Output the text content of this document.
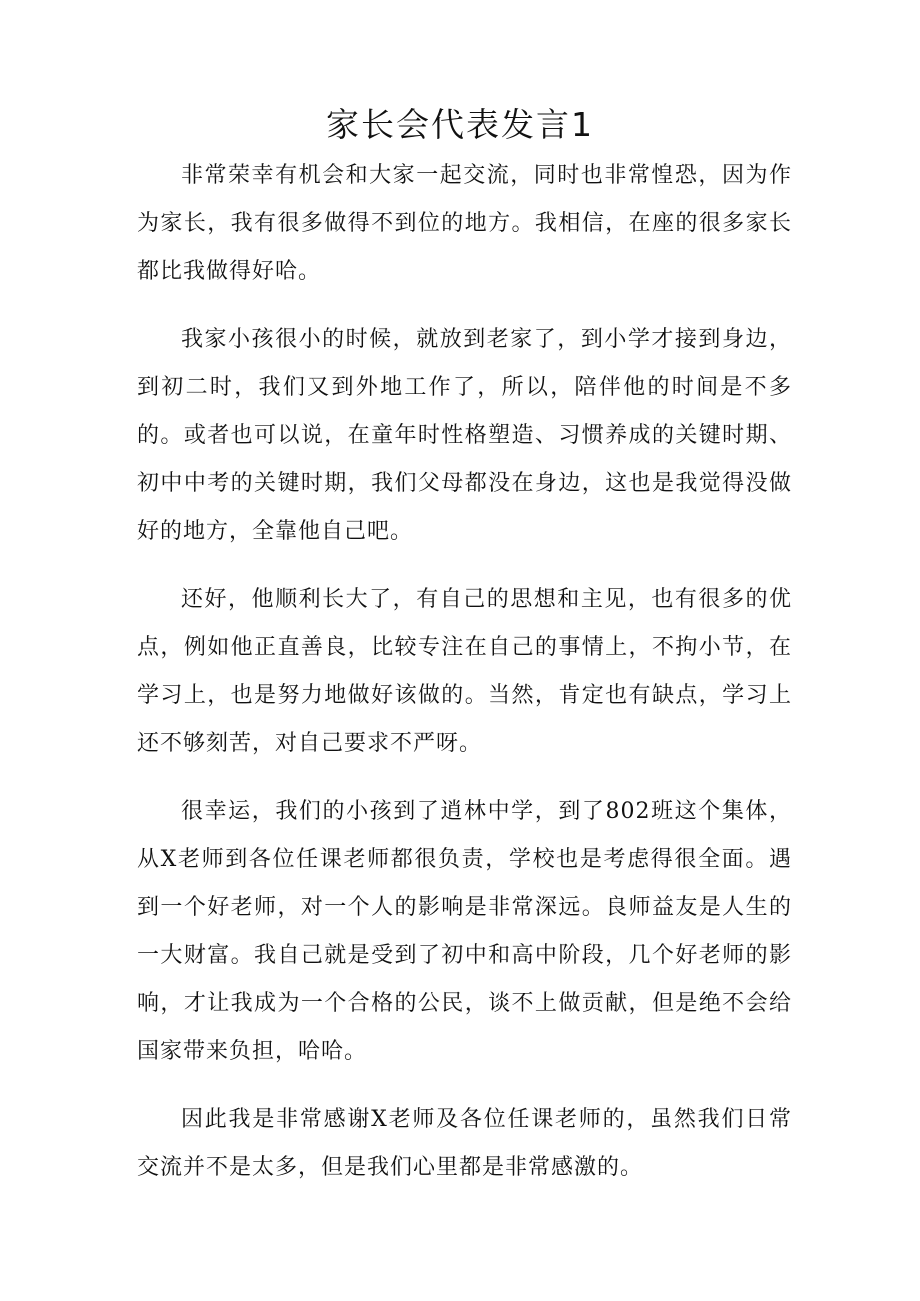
家长会代表发言1

非常荣幸有机会和大家一起交流，同时也非常惶恐，因为作为家长，我有很多做得不到位的地方。我相信，在座的很多家长都比我做得好哈。

我家小孩很小的时候，就放到老家了，到小学才接到身边，到初二时，我们又到外地工作了，所以，陪伴他的时间是不多的。或者也可以说，在童年时性格塑造、习惯养成的关键时期、初中中考的关键时期，我们父母都没在身边，这也是我觉得没做好的地方，全靠他自己吧。

还好，他顺利长大了，有自己的思想和主见，也有很多的优点，例如他正直善良，比较专注在自己的事情上，不拘小节，在学习上，也是努力地做好该做的。当然，肯定也有缺点，学习上还不够刻苦，对自己要求不严呀。

很幸运，我们的小孩到了逍林中学，到了802班这个集体，从X老师到各位任课老师都很负责，学校也是考虑得很全面。遇到一个好老师，对一个人的影响是非常深远。良师益友是人生的一大财富。我自己就是受到了初中和高中阶段，几个好老师的影响，才让我成为一个合格的公民，谈不上做贡献，但是绝不会给国家带来负担，哈哈。

因此我是非常感谢X老师及各位任课老师的，虽然我们日常交流并不是太多，但是我们心里都是非常感激的。
